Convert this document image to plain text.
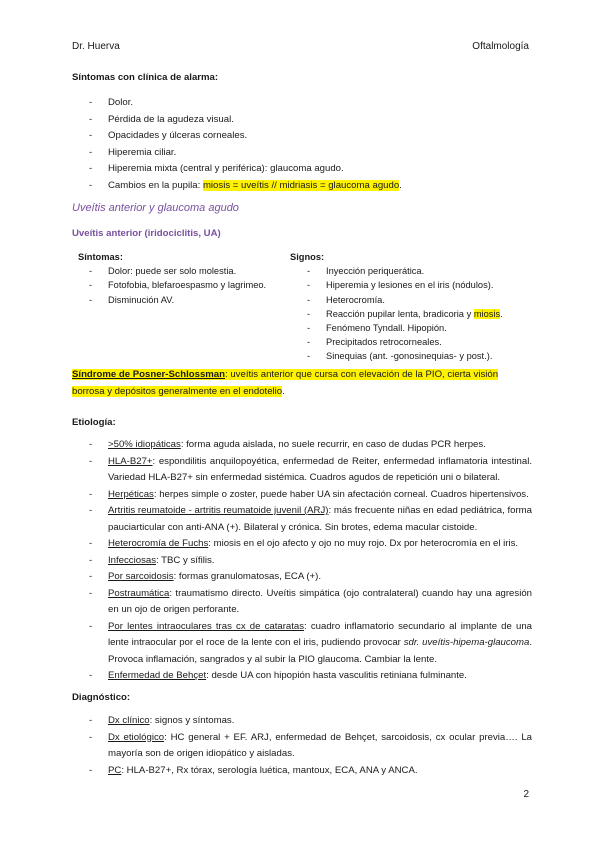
Dr. Huerva	Oftalmología
Síntomas con clínica de alarma:
- Dolor.
- Pérdida de la agudeza visual.
- Opacidades y úlceras corneales.
- Hiperemia ciliar.
- Hiperemia mixta (central y periférica): glaucoma agudo.
- Cambios en la pupila: miosis = uveítis // midriasis = glaucoma agudo.
Uveítis anterior y glaucoma agudo
Uveítis anterior (iridociclitis, UA)
Síntomas:
- Dolor: puede ser solo molestia.
- Fotofobia, blefaroespasmo y lagrimeo.
- Disminución AV.
Signos:
- Inyección periquerática.
- Hiperemia y lesiones en el iris (nódulos).
- Heterocromía.
- Reacción pupilar lenta, bradicoria y miosis.
- Fenómeno Tyndall. Hipopión.
- Precipitados retrocorneales.
- Sinequias (ant. -gonosinequias- y post.).
Síndrome de Posner-Schlossman: uveítis anterior que cursa con elevación de la PIO, cierta visión borrosa y depósitos generalmente en el endotelio.
Etiología:
- >50% idiopáticas: forma aguda aislada, no suele recurrir, en caso de dudas PCR herpes.
- HLA-B27+: espondilitis anquilopoyética, enfermedad de Reiter, enfermedad inflamatoria intestinal. Variedad HLA-B27+ sin enfermedad sistémica. Cuadros agudos de repetición uni o bilateral.
- Herpéticas: herpes simple o zoster, puede haber UA sin afectación corneal. Cuadros hipertensivos.
- Artritis reumatoide - artritis reumatoide juvenil (ARJ): más frecuente niñas en edad pediátrica, forma pauciarticular con anti-ANA (+). Bilateral y crónica. Sin brotes, edema macular cistoide.
- Heterocromía de Fuchs: miosis en el ojo afecto y ojo no muy rojo. Dx por heterocromía en el iris.
- Infecciosas: TBC y sífilis.
- Por sarcoidosis: formas granulomatosas, ECA (+).
- Postraumática: traumatismo directo. Uveítis simpática (ojo contralateral) cuando hay una agresión en un ojo de origen perforante.
- Por lentes intraoculares tras cx de cataratas: cuadro inflamatorio secundario al implante de una lente intraocular por el roce de la lente con el iris, pudiendo provocar sdr. uveítis-hipema-glaucoma. Provoca inflamación, sangrados y al subir la PIO glaucoma. Cambiar la lente.
- Enfermedad de Behçet: desde UA con hipopión hasta vasculitis retiniana fulminante.
Diagnóstico:
- Dx clínico: signos y síntomas.
- Dx etiológico: HC general + EF. ARJ, enfermedad de Behçet, sarcoidosis, cx ocular previa…. La mayoría son de origen idiopático y aisladas.
- PC: HLA-B27+, Rx tórax, serología luética, mantoux, ECA, ANA y ANCA.
2
